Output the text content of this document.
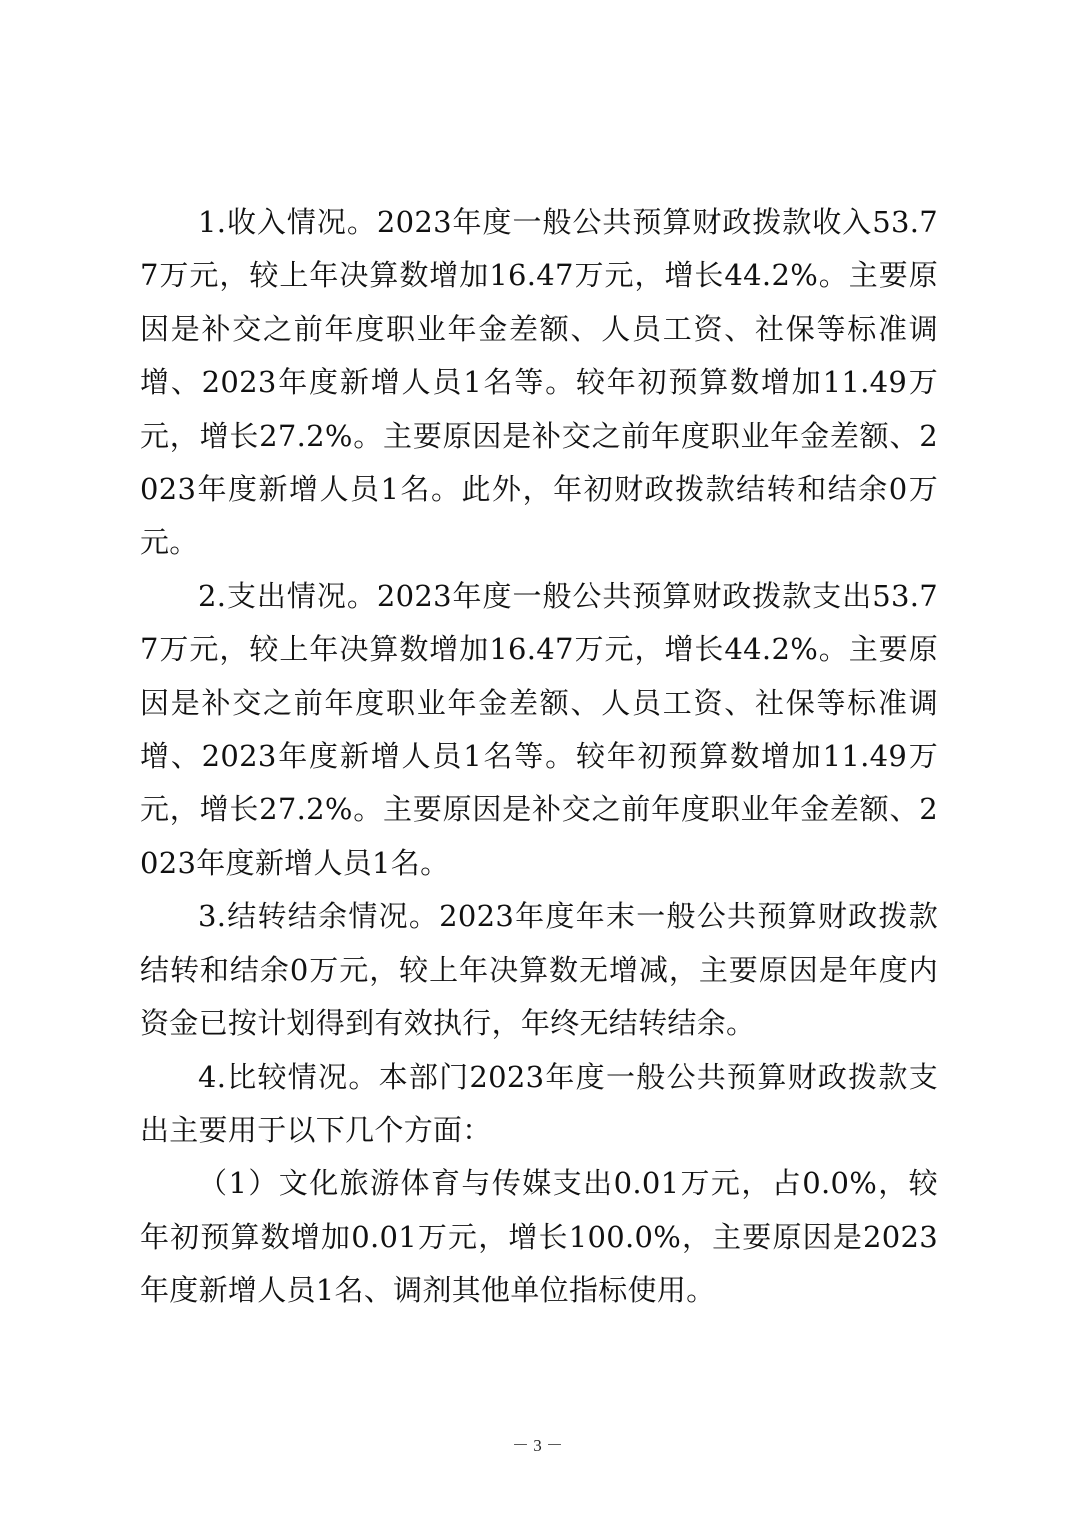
1.收入情况。2023年度一般公共预算财政拨款收入53.77万元，较上年决算数增加16.47万元，增长44.2%。主要原因是补交之前年度职业年金差额、人员工资、社保等标准调增、2023年度新增人员1名等。较年初预算数增加11.49万元，增长27.2%。主要原因是补交之前年度职业年金差额、2023年度新增人员1名。此外，年初财政拨款结转和结余0万元。

2.支出情况。2023年度一般公共预算财政拨款支出53.77万元，较上年决算数增加16.47万元，增长44.2%。主要原因是补交之前年度职业年金差额、人员工资、社保等标准调增、2023年度新增人员1名等。较年初预算数增加11.49万元，增长27.2%。主要原因是补交之前年度职业年金差额、2023年度新增人员1名。

3.结转结余情况。2023年度年末一般公共预算财政拨款结转和结余0万元，较上年决算数无增减，主要原因是年度内资金已按计划得到有效执行，年终无结转结余。

4.比较情况。本部门2023年度一般公共预算财政拨款支出主要用于以下几个方面：

（1）文化旅游体育与传媒支出0.01万元，占0.0%，较年初预算数增加0.01万元，增长100.0%，主要原因是2023年度新增人员1名、调剂其他单位指标使用。

－ 3 －
